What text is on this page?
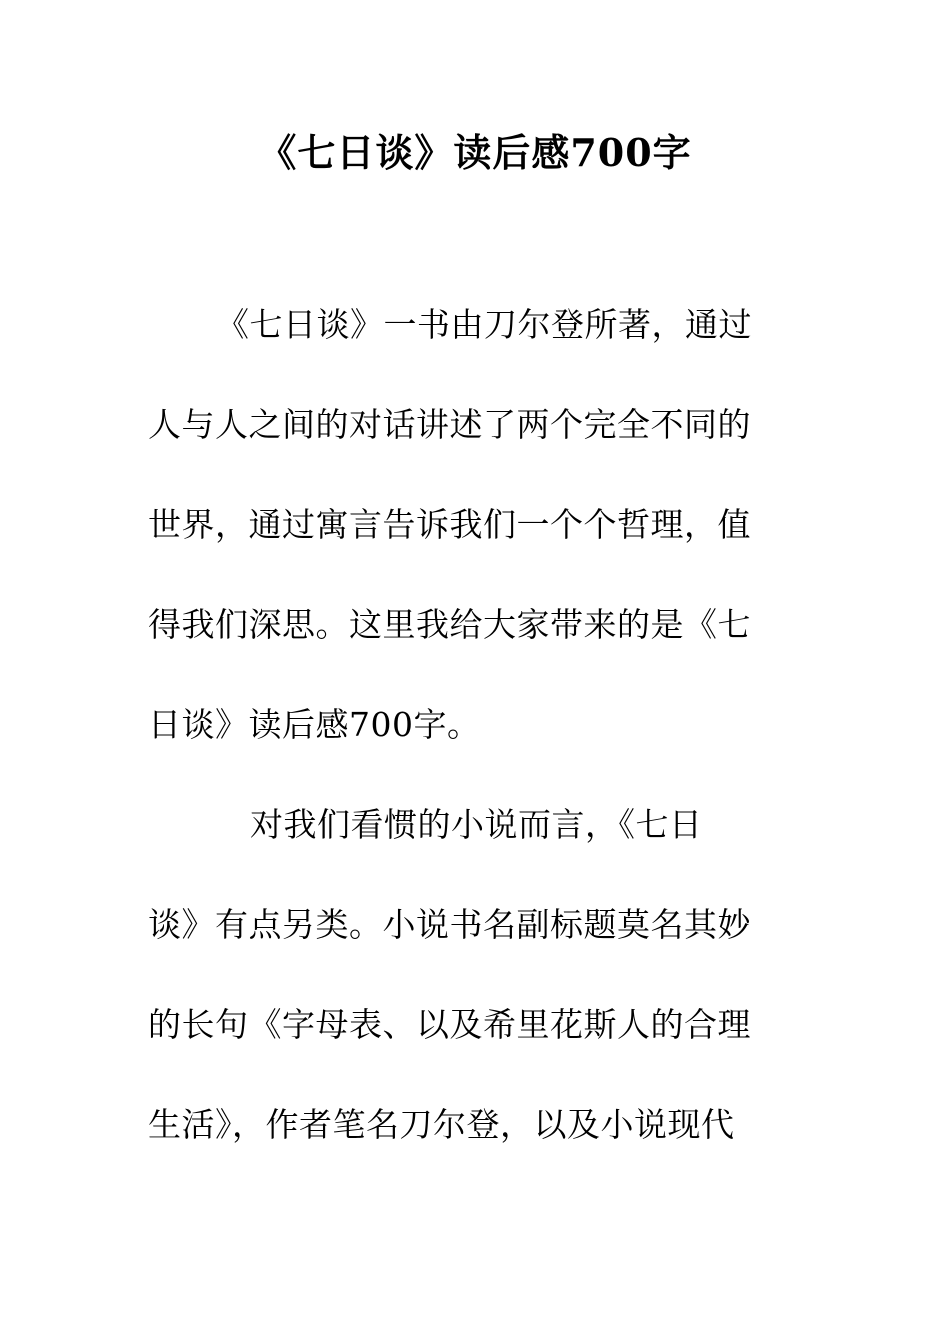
《七日谈》读后感700字
《七日谈》一书由刀尔登所著，通过
人与人之间的对话讲述了两个完全不同的
世界，通过寓言告诉我们一个个哲理，值
得我们深思。这里我给大家带来的是《七
日谈》读后感700字。
对我们看惯的小说而言，《七日
谈》有点另类。小说书名副标题莫名其妙
的长句《字母表、以及希里花斯人的合理
生活》，作者笔名刀尔登，以及小说现代
